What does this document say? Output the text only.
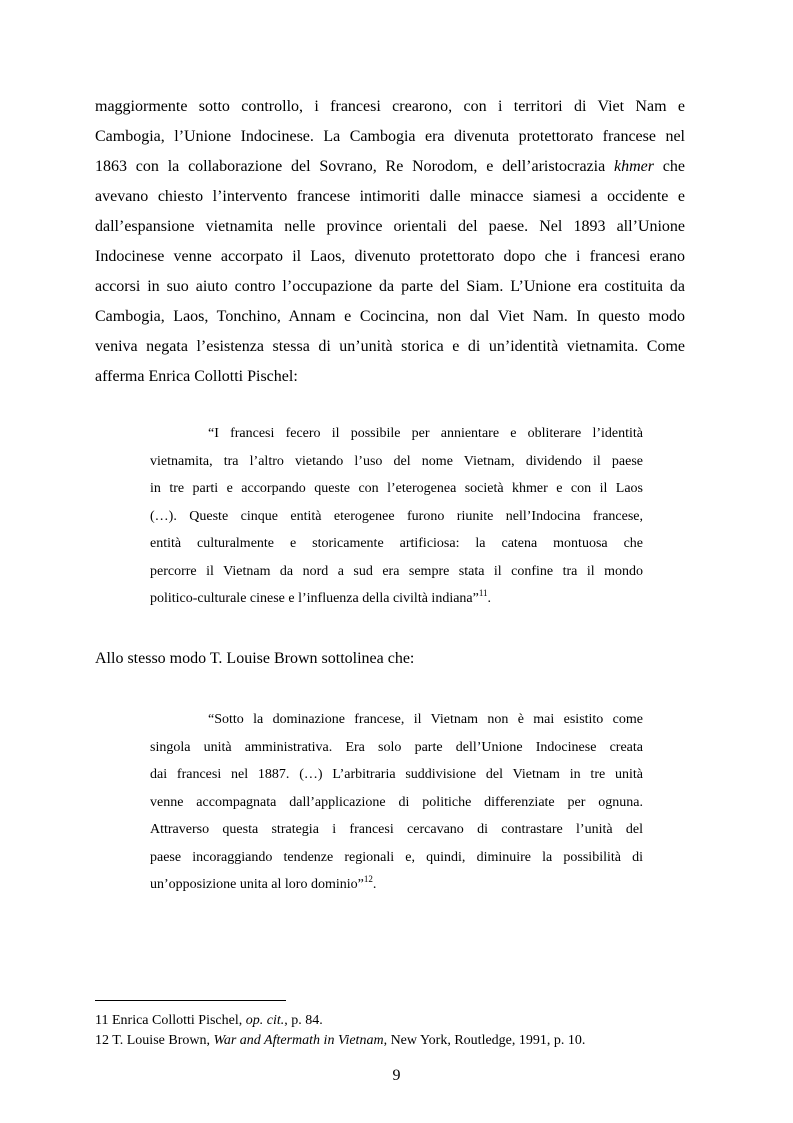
maggiormente sotto controllo, i francesi crearono, con i territori di Viet Nam e
Cambogia, l’Unione Indocinese. La Cambogia era divenuta protettorato francese nel
1863 con la collaborazione del Sovrano, Re Norodom, e dell’aristocrazia khmer che
avevano chiesto l’intervento francese intimoriti dalle minacce siamesi a occidente e
dall’espansione vietnamita nelle province orientali del paese. Nel 1893 all’Unione
Indocinese venne accorpato il Laos, divenuto protettorato dopo che i francesi erano
accorsi in suo aiuto contro l’occupazione da parte del Siam. L’Unione era costituita da
Cambogia, Laos, Tonchino, Annam e Cocincina, non dal Viet Nam. In questo modo
veniva negata l’esistenza stessa di un’unità storica e di un’identità vietnamita. Come
afferma Enrica Collotti Pischel:
“I francesi fecero il possibile per annientare e obliterare l’identità
vietnamita, tra l’altro vietando l’uso del nome Vietnam, dividendo il paese
in tre parti e accorpando queste con l’eterogenea società khmer e con il Laos
(…). Queste cinque entità eterogenee furono riunite nell’Indocina francese,
entità culturalmente e storicamente artificiosa: la catena montuosa che
percorre il Vietnam da nord a sud era sempre stata il confine tra il mondo
politico-culturale cinese e l’influenza della civiltà indiana”$^{11}$.
Allo stesso modo T. Louise Brown sottolinea che:
“Sotto la dominazione francese, il Vietnam non è mai esistito come
singola unità amministrativa. Era solo parte dell’Unione Indocinese creata
dai francesi nel 1887. (…) L’arbitraria suddivisione del Vietnam in tre unità
venne accompagnata dall’applicazione di politiche differenziate per ognuna.
Attraverso questa strategia i francesi cercavano di contrastare l’unità del
paese incoraggiando tendenze regionali e, quindi, diminuire la possibilità di
un’opposizione unita al loro dominio”$^{12}$.
11 Enrica Collotti Pischel, op. cit., p. 84.
12 T. Louise Brown, War and Aftermath in Vietnam, New York, Routledge, 1991, p. 10.
9
